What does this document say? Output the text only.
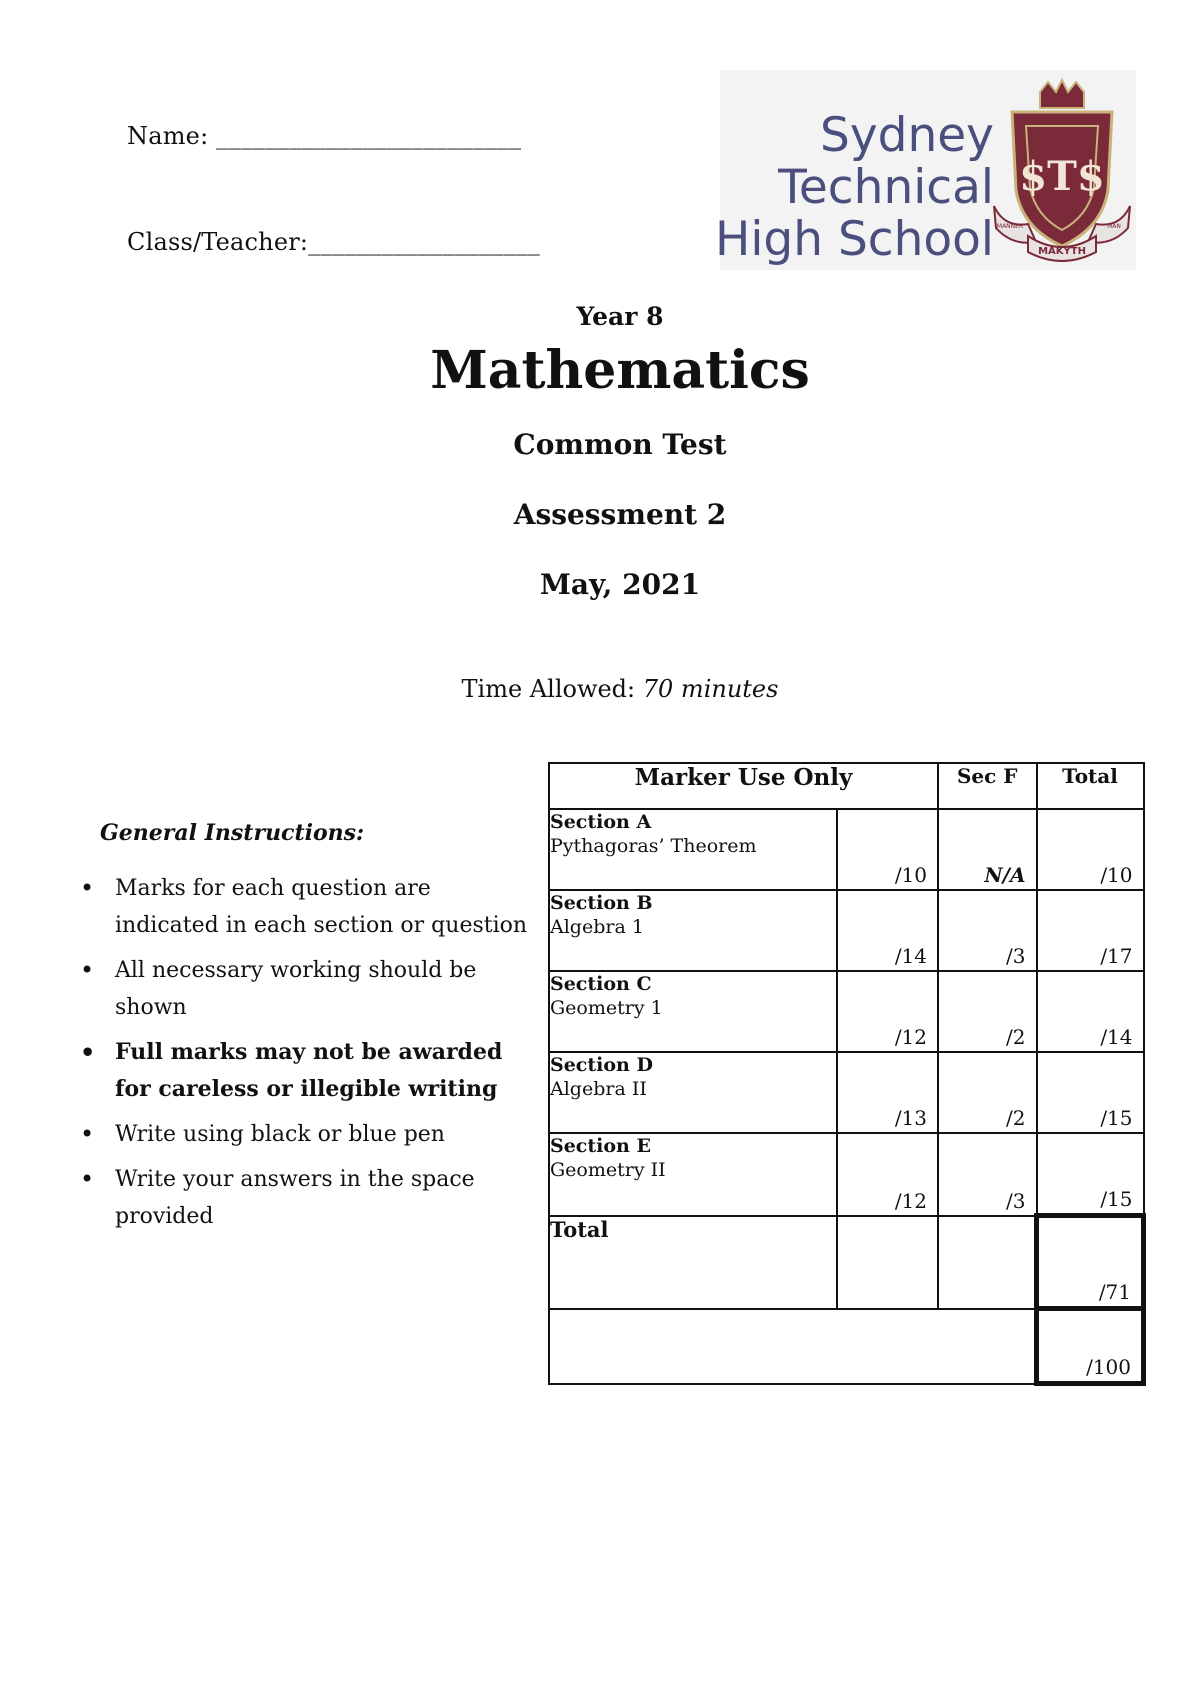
Name: _________________________
Class/Teacher:___________________
Sydney
Technical
High School
$T$
MAKYTH
MANNER	MAN
Year 8
Mathematics
Common Test
Assessment 2
May, 2021
Time Allowed: 70 minutes
General Instructions:
• Marks for each question are indicated in each section or question
• All necessary working should be shown
• Full marks may not be awarded for careless or illegible writing
• Write using black or blue pen
• Write your answers in the space provided
Marker Use Only		Sec F	Total

Section A
Pythagoras’ Theorem	/10	N/A	/10

Section B
Algebra 1	/14	/3	/17

Section C
Geometry 1	/12	/2	/14

Section D
Algebra II	/13	/2	/15

Section E
Geometry II	/12	/3	/15

Total			/71

			/100
